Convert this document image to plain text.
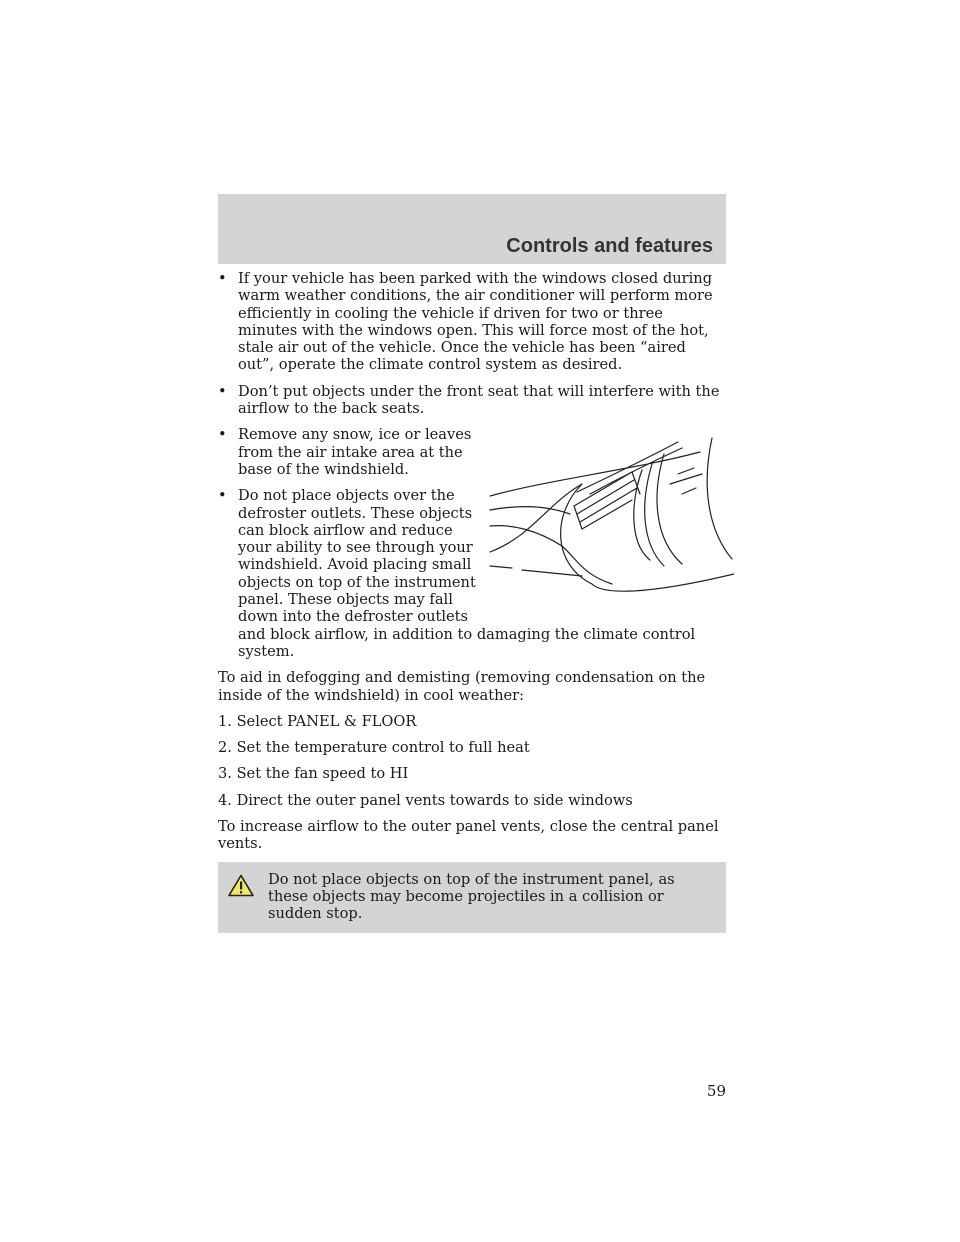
Controls and features
• If your vehicle has been parked with the windows closed during warm weather conditions, the air conditioner will perform more efficiently in cooling the vehicle if driven for two or three minutes with the windows open. This will force most of the hot, stale air out of the vehicle. Once the vehicle has been “aired out”, operate the climate control system as desired.
• Don’t put objects under the front seat that will interfere with the airflow to the back seats.
• Remove any snow, ice or leaves from the air intake area at the base of the windshield.
• Do not place objects over the defroster outlets. These objects can block airflow and reduce your ability to see through your windshield. Avoid placing small objects on top of the instrument panel. These objects may fall down into the defroster outlets
and block airflow, in addition to damaging the climate control system.

To aid in defogging and demisting (removing condensation on the inside of the windshield) in cool weather:

1. Select PANEL & FLOOR

2. Set the temperature control to full heat

3. Set the fan speed to HI

4. Direct the outer panel vents towards to side windows

To increase airflow to the outer panel vents, close the central panel vents.

Do not place objects on top of the instrument panel, as these objects may become projectiles in a collision or sudden stop.

59
